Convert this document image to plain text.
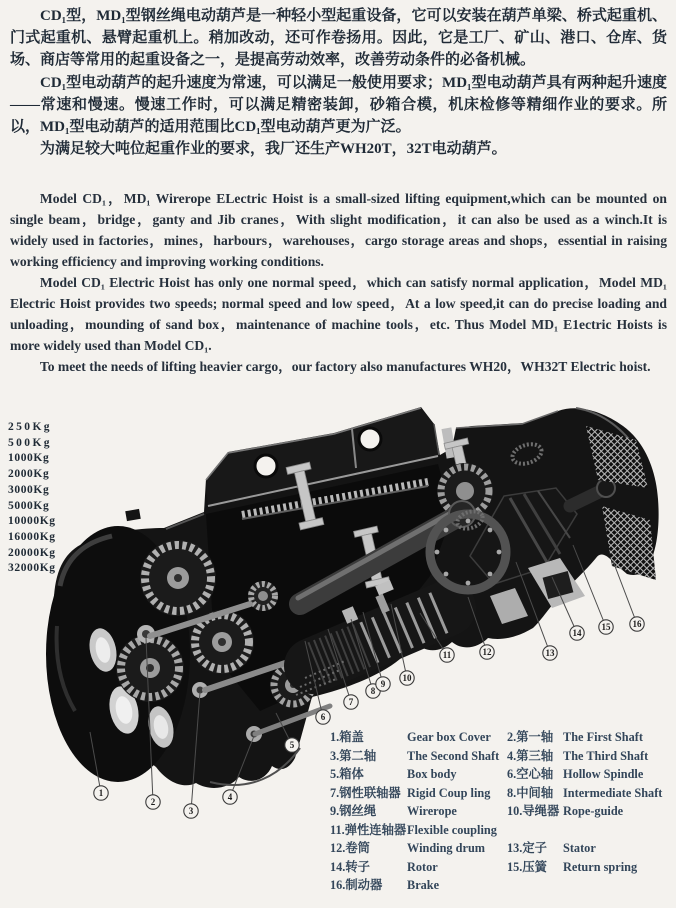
CD₁型，MD₁型钢丝绳电动葫芦是一种轻小型起重设备，它可以安装在葫芦单梁、桥式起重机、门式起重机、悬臂起重机上。稍加改动，还可作卷扬用。因此，它是工厂、矿山、港口、仓库、货场、商店等常用的起重设备之一，是提高劳动效率，改善劳动条件的必备机械。

CD₁型电动葫芦的起升速度为常速，可以满足一般使用要求；MD₁型电动葫芦具有两种起升速度——常速和慢速。慢速工作时，可以满足精密装卸，砂箱合模，机床检修等精细作业的要求。所以，MD₁型电动葫芦的适用范围比CD₁型电动葫芦更为广泛。

为满足较大吨位起重作业的要求，我厂还生产WH20T，32T电动葫芦。

Model CD₁，MD₁ Wirerope ELectric Hoist is a small-sized lifting equipment,which can be mounted on single beam，bridge，ganty and Jib cranes，With slight modification，it can also be used as a winch.It is widely used in factories，mines，harbours，warehouses，cargo storage areas and shops，essential in raising working efficiency and improving working conditions.

Model CD₁ Electric Hoist has only one normal speed，which can satisfy normal application，Model MD₁ Electric Hoist provides two speeds; normal speed and low speed，At a low speed,it can do precise loading and unloading，mounding of sand box，maintenance of machine tools，etc. Thus Model MD₁ E1ectric Hoists is more widely used than Model CD₁.

To meet the needs of lifting heavier cargo，our factory also manufactures WH20，WH32T Electric hoist.

1
2
3
4
5
6
7
8
9
10
11	12	13
14
15 16
250Kg
500Kg
1000Kg
2000Kg
3000Kg
5000Kg
10000Kg
16000Kg
20000Kg
32000Kg
1.箱盖	Gear box Cover	2.第一轴 The First Shaft
3.第二轴	The Second Shaft 4.第三轴 The Third Shaft
5.箱体	Box body	6.空心轴 Hollow Spindle
7.钢性联轴器 Rigid Coup ling	8.中间轴 Intermediate Shaft
9.钢丝绳	Wirerope	10.导绳器 Rope-guide
11.弹性连轴器 Flexible coupling
12.卷筒	Winding drum	13.定子	Stator
14.转子	Rotor	15.压簧	Return spring
16.制动器	Brake
